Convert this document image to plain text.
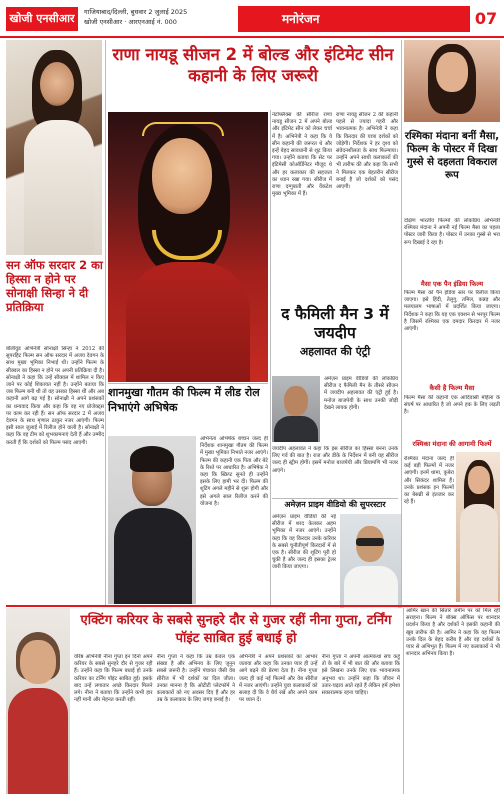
खोजी एनसीआर	गाजियाबाद/दिल्ली, बुधवार 2 जुलाई 2025
खोजी एनसीआर · आरएनआई नं. 000	मनोरंजन	07
सन ऑफ सरदार 2 का हिस्सा न होने पर सोनाक्षी सिन्हा ने दी प्रतिक्रिया
बॉलीवुड अभिनेत्री सोनाक्षी सिन्हा ने 2012 की सुपरहिट फिल्म सन ऑफ सरदार में अजय देवगन के साथ मुख्य भूमिका निभाई थी। उन्होंने फिल्म के सीक्वल का हिस्सा न होने पर अपनी प्रतिक्रिया दी है। सोनाक्षी ने कहा कि उन्हें सीक्वल में शामिल न किए जाने पर कोई शिकायत नहीं है। उन्होंने बताया कि जब फिल्म बनी थी तो वह उसका हिस्सा थीं और अब कहानी आगे बढ़ गई है। सोनाक्षी ने अपने प्रशंसकों का धन्यवाद किया और कहा कि वह नए प्रोजेक्ट्स पर काम कर रही हैं। सन ऑफ सरदार 2 में अजय देवगन के साथ मृणाल ठाकुर नजर आएंगी। फिल्म इसी साल जुलाई में रिलीज होने वाली है। सोनाक्षी ने कहा कि वह टीम को शुभकामनाएं देती हैं और उम्मीद करती हैं कि दर्शकों को फिल्म पसंद आएगी।
राणा नायडू सीजन 2 में बोल्ड और इंटिमेट सीन कहानी के लिए जरूरी
नेटफ्लिक्स की सीरीज राणा नायडू सीजन 2 में अपने बोल्ड और इंटिमेट सीन को लेकर चर्चा में है। अभिनेत्री ने कहा कि ये सीन कहानी की जरूरत थे और इन्हें बेहद सावधानी से शूट किया गया। उन्होंने बताया कि सेट पर इंटिमेसी कोऑर्डिनेटर मौजूद थे और हर कलाकार की सहजता का ध्यान रखा गया। सीरीज में राणा दग्गुबाती और वेंकटेश मुख्य भूमिका में हैं।
राणा नायडू सीजन 2 की कहानी पहले से ज्यादा गहरी और भावनात्मक है। अभिनेत्री ने कहा कि किरदार की यात्रा दर्शकों को जोड़ेगी। निर्देशक ने हर दृश्य को संवेदनशीलता के साथ फिल्माया। उन्होंने अपने साथी कलाकारों की भी तारीफ की और कहा कि सभी ने मिलकर एक बेहतरीन सीरीज बनाई है जो दर्शकों को पसंद आएगी।
द फैमिली मैन 3 में जयदीप
अहलावत की एंट्री
अमेज़न प्राइम वीडियो की लोकप्रिय सीरीज द फैमिली मैन के तीसरे सीजन में जयदीप अहलावत की एंट्री हुई है। मनोज बाजपेयी के साथ उनकी जोड़ी देखने लायक होगी।
जयदीप अहलावत ने कहा कि इस सीरीज का हिस्सा बनना उनके लिए गर्व की बात है। राज और डीके के निर्देशन में बनी यह सीरीज जल्द ही स्ट्रीम होगी। इसमें मनोज बाजपेयी और प्रियामणि भी नजर आएंगे।
अमेज़न प्राइम वीडियो की सुपरस्टार
अमेज़न प्राइम वीडियो की नई सीरीज में शरद केलकर अहम भूमिका में नजर आएंगे। उन्होंने कहा कि यह किरदार उनके करियर के सबसे चुनौतीपूर्ण किरदारों में से एक है। सीरीज की शूटिंग पूरी हो चुकी है और जल्द ही इसका ट्रेलर जारी किया जाएगा।
शानमुखा गौतम की फिल्म में लीड रोल निभाएंगे अभिषेक
अभिनेता अभिषेक बच्चन जल्द ही निर्देशक शानमुखा गौतम की फिल्म में मुख्य भूमिका निभाते नजर आएंगे। फिल्म की कहानी एक पिता और बेटे के रिश्ते पर आधारित है। अभिषेक ने कहा कि स्क्रिप्ट सुनते ही उन्होंने इसके लिए हामी भर दी। फिल्म की शूटिंग अगले महीने से शुरू होगी और इसे अगले साल रिलीज करने की योजना है।
रश्मिका मंदाना बनीं मैसा, फिल्म के पोस्टर में दिखा गुस्से से दहलता विकराल रूप
दक्षिण भारतीय फिल्मों की लोकप्रिय अभिनेत्री रश्मिका मंदाना ने अपनी नई फिल्म मैसा का पहला पोस्टर जारी किया है। पोस्टर में उनका गुस्से से भरा रूप दिखाई दे रहा है।
मैसा एक पैन इंडिया फिल्म
फिल्म मैसा को पैन इंडिया स्तर पर रिलीज किया जाएगा। इसे हिंदी, तेलुगु, तमिल, कन्नड़ और मलयालम भाषाओं में प्रदर्शित किया जाएगा। निर्देशक ने कहा कि यह एक एक्शन से भरपूर फिल्म है जिसमें रश्मिका एक दमदार किरदार में नजर आएंगी।
कैसी है फिल्म मैसा
फिल्म मैसा की कहानी एक आदिवासी महिला के संघर्ष पर आधारित है जो अपने हक के लिए लड़ती है।
रश्मिका मंदाना की आगामी फिल्में
रश्मिका मंदाना जल्द ही कई बड़ी फिल्मों में नजर आएंगी। इनमें थामा, कुबेरा और सिकंदर शामिल हैं। उनके प्रशंसक इन फिल्मों का बेसब्री से इंतजार कर रहे हैं।
एक्टिंग करियर के सबसे सुनहरे दौर से गुजर रहीं नीना गुप्ता, टर्निंग पॉइंट साबित हुई बधाई हो
वरिष्ठ अभिनेत्री नीना गुप्ता इन दिनों अपने करियर के सबसे सुनहरे दौर से गुजर रही हैं। उन्होंने कहा कि फिल्म बधाई हो उनके करियर का टर्निंग पॉइंट साबित हुई। इसके बाद उन्हें लगातार अच्छे किरदार मिलने लगे। नीना ने बताया कि उन्होंने कभी हार नहीं मानी और मेहनत करती रहीं।
नीना गुप्ता ने कहा कि उम्र केवल एक संख्या है और अभिनय के लिए जुनून सबसे जरूरी है। उन्होंने पंचायत जैसी वेब सीरीज में भी दर्शकों का दिल जीता। उनका मानना है कि ओटीटी प्लेटफॉर्म ने कलाकारों को नए अवसर दिए हैं और हर उम्र के कलाकार के लिए जगह बनाई है।
अभिनेत्री ने अपने प्रशंसकों का आभार जताया और कहा कि उनका प्यार ही उन्हें आगे बढ़ने की प्रेरणा देता है। नीना गुप्ता जल्द ही कई नई फिल्मों और वेब सीरीज में नजर आएंगी। उन्होंने युवा कलाकारों को सलाह दी कि वे धैर्य रखें और अपने काम पर ध्यान दें।
नीना गुप्ता ने अपनी आत्मकथा सच कहूं तो के बारे में भी बात की और बताया कि इसे लिखना उनके लिए एक भावनात्मक अनुभव था। उन्होंने कहा कि जीवन में उतार-चढ़ाव आते रहते हैं लेकिन हमें हमेशा सकारात्मक रहना चाहिए।
आमिर खान की सितारे जमीन पर को मिल रही सराहना। फिल्म ने बॉक्स ऑफिस पर शानदार प्रदर्शन किया है और दर्शकों ने इसकी कहानी की खूब तारीफ की है। आमिर ने कहा कि यह फिल्म उनके दिल के बेहद करीब है और वह दर्शकों के प्यार से अभिभूत हैं। फिल्म में नए कलाकारों ने भी शानदार अभिनय किया है।
